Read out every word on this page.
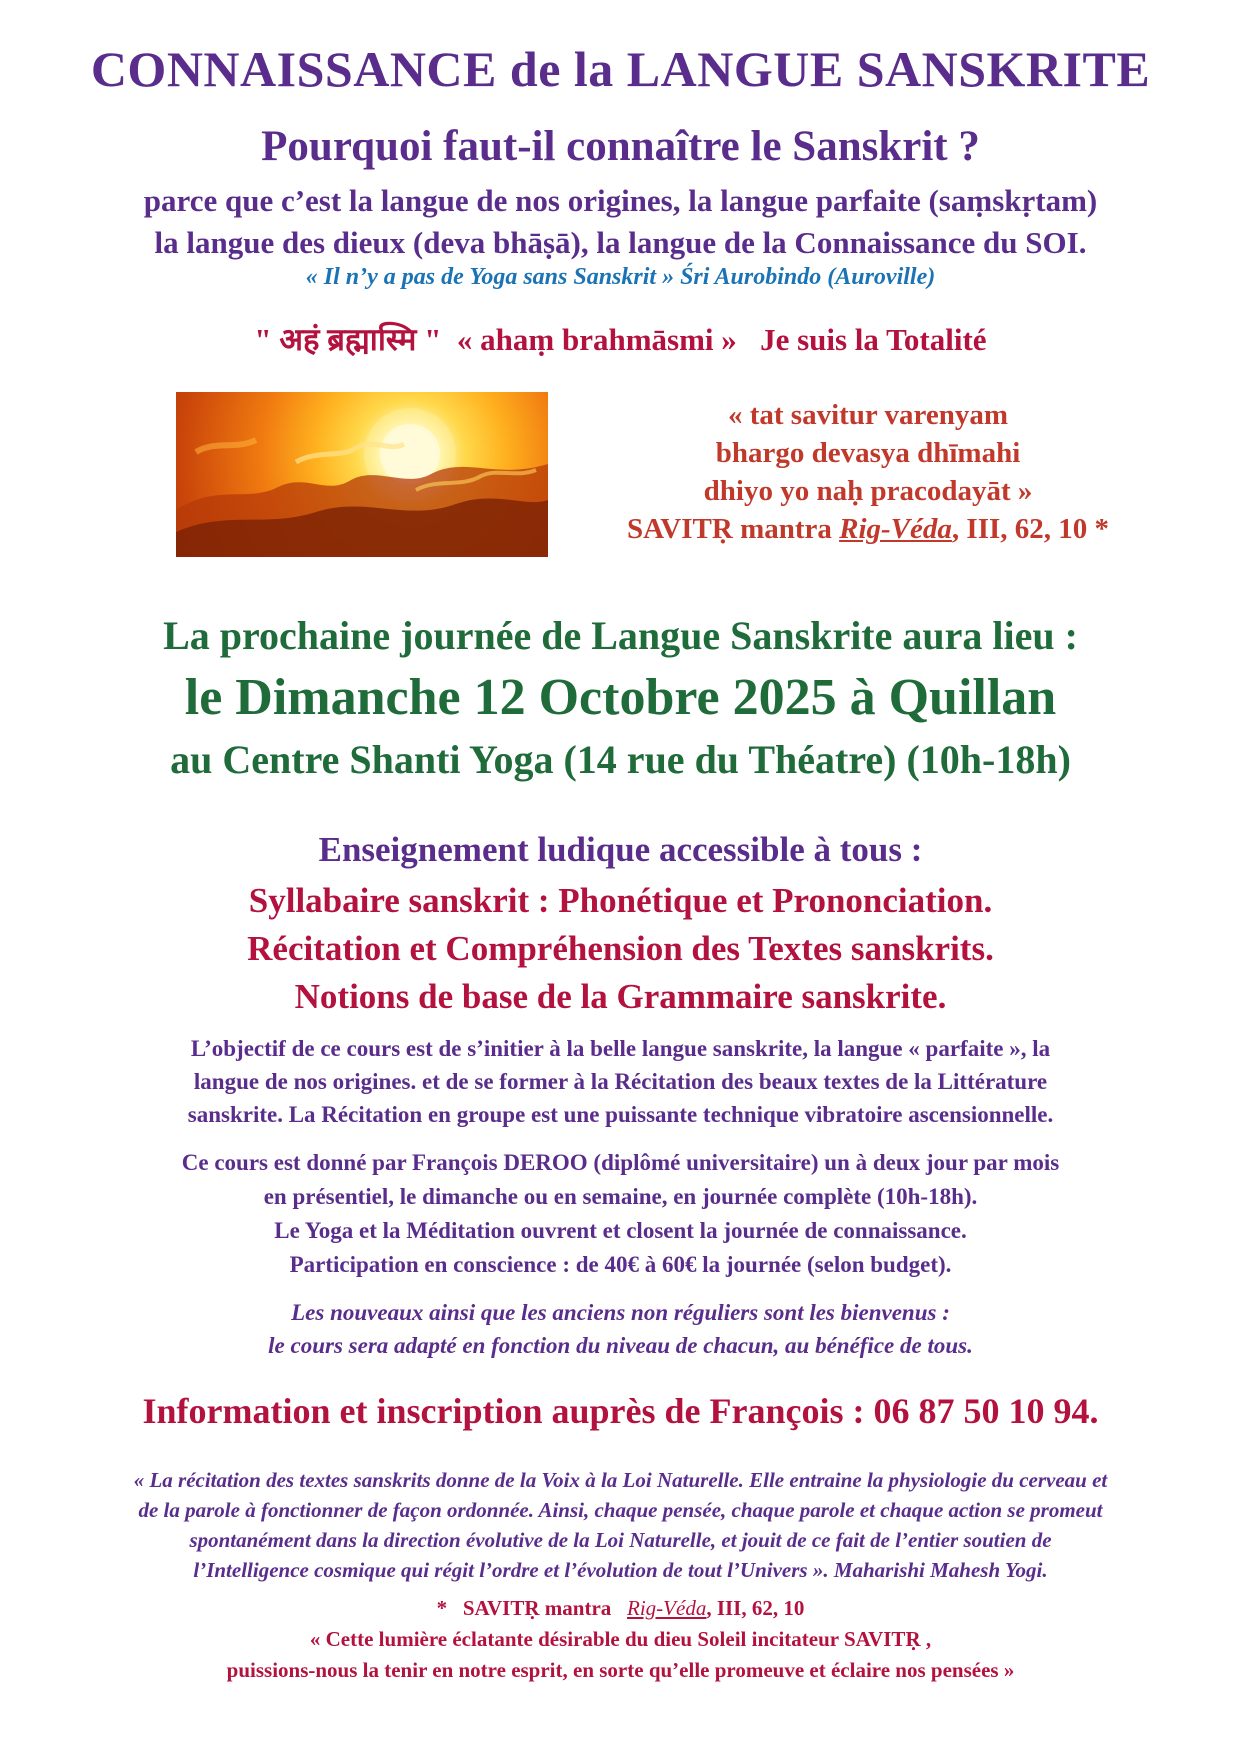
CONNAISSANCE de la LANGUE SANSKRITE
Pourquoi faut-il connaître le Sanskrit ?
parce que c’est la langue de nos origines, la langue parfaite (saṃskṛtam)
la langue des dieux (deva bhāṣā), la langue de la Connaissance du SOI.
« Il n’y a pas de Yoga sans Sanskrit » Śri Aurobindo (Auroville)
" अहं ब्रह्मास्मि " « ahaṃ brahmāsmi » Je suis la Totalité
« tat savitur varenyam
bhargo devasya dhīmahi
dhiyo yo naḥ pracodayāt »
SAVITṚ mantra Rig-Véda, III, 62, 10 *
La prochaine journée de Langue Sanskrite aura lieu :
le Dimanche 12 Octobre 2025 à Quillan
au Centre Shanti Yoga (14 rue du Théatre) (10h-18h)
Enseignement ludique accessible à tous :
Syllabaire sanskrit : Phonétique et Prononciation.
Récitation et Compréhension des Textes sanskrits.
Notions de base de la Grammaire sanskrite.
L’objectif de ce cours est de s’initier à la belle langue sanskrite, la langue « parfaite », la
langue de nos origines. et de se former à la Récitation des beaux textes de la Littérature
sanskrite. La Récitation en groupe est une puissante technique vibratoire ascensionnelle.
Ce cours est donné par François DEROO (diplômé universitaire) un à deux jour par mois
en présentiel, le dimanche ou en semaine, en journée complète (10h-18h).
Le Yoga et la Méditation ouvrent et closent la journée de connaissance.
Participation en conscience : de 40€ à 60€ la journée (selon budget).
Les nouveaux ainsi que les anciens non réguliers sont les bienvenus :
le cours sera adapté en fonction du niveau de chacun, au bénéfice de tous.
Information et inscription auprès de François : 06 87 50 10 94.
« La récitation des textes sanskrits donne de la Voix à la Loi Naturelle. Elle entraine la physiologie du cerveau et
de la parole à fonctionner de façon ordonnée. Ainsi, chaque pensée, chaque parole et chaque action se promeut
spontanément dans la direction évolutive de la Loi Naturelle, et jouit de ce fait de l’entier soutien de
l’Intelligence cosmique qui régit l’ordre et l’évolution de tout l’Univers ». Maharishi Mahesh Yogi.
*   SAVITṚ mantra   Rig-Véda, III, 62, 10
« Cette lumière éclatante désirable du dieu Soleil incitateur SAVITṚ ,
puissions-nous la tenir en notre esprit, en sorte qu’elle promeuve et éclaire nos pensées »
